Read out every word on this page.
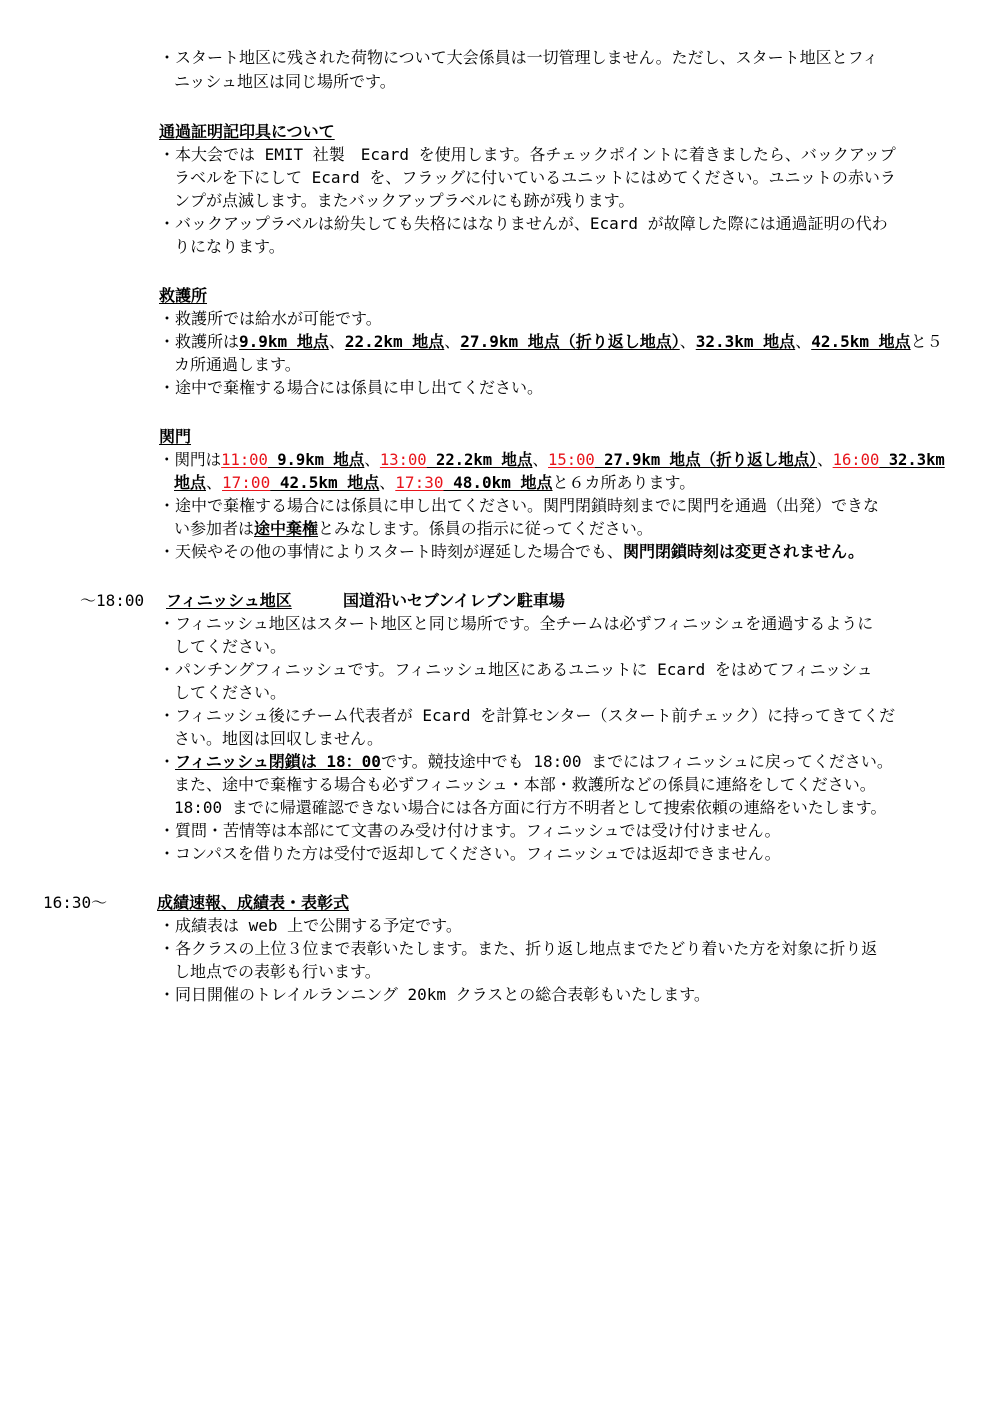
・スタート地区に残された荷物について大会係員は一切管理しません。ただし、スタート地区とフィ
ニッシュ地区は同じ場所です。
通過証明記印具について
・本大会では EMIT 社製　Ecard を使用します。各チェックポイントに着きましたら、バックアップ
ラベルを下にして Ecard を、フラッグに付いているユニットにはめてください。ユニットの赤いラ
ンプが点滅します。またバックアップラベルにも跡が残ります。
・バックアップラベルは紛失しても失格にはなりませんが、Ecard が故障した際には通過証明の代わ
りになります。
救護所
・救護所では給水が可能です。
・救護所は9.9km 地点、22.2km 地点、27.9km 地点（折り返し地点）、32.3km 地点、42.5km 地点と５
カ所通過します。
・途中で棄権する場合には係員に申し出てください。
関門
・関門は11:00 9.9km 地点、13:00 22.2km 地点、15:00 27.9km 地点（折り返し地点）、16:00 32.3km
地点、17:00 42.5km 地点、17:30 48.0km 地点と６カ所あります。
・途中で棄権する場合には係員に申し出てください。関門閉鎖時刻までに関門を通過（出発）できな
い参加者は途中棄権とみなします。係員の指示に従ってください。
・天候やその他の事情によりスタート時刻が遅延した場合でも、関門閉鎖時刻は変更されません。
～18:00 フィニッシュ地区	国道沿いセブンイレブン駐車場
・フィニッシュ地区はスタート地区と同じ場所です。全チームは必ずフィニッシュを通過するように
してください。
・パンチングフィニッシュです。フィニッシュ地区にあるユニットに Ecard をはめてフィニッシュ
してください。
・フィニッシュ後にチーム代表者が Ecard を計算センター（スタート前チェック）に持ってきてくだ
さい。地図は回収しません。
・フィニッシュ閉鎖は 18：00です。競技途中でも 18:00 までにはフィニッシュに戻ってください。
また、途中で棄権する場合も必ずフィニッシュ・本部・救護所などの係員に連絡をしてください。
18:00 までに帰還確認できない場合には各方面に行方不明者として捜索依頼の連絡をいたします。
・質問・苦情等は本部にて文書のみ受け付けます。フィニッシュでは受け付けません。
・コンパスを借りた方は受付で返却してください。フィニッシュでは返却できません。
16:30～	成績速報、成績表・表彰式
・成績表は web 上で公開する予定です。
・各クラスの上位３位まで表彰いたします。また、折り返し地点までたどり着いた方を対象に折り返
し地点での表彰も行います。
・同日開催のトレイルランニング 20km クラスとの総合表彰もいたします。
